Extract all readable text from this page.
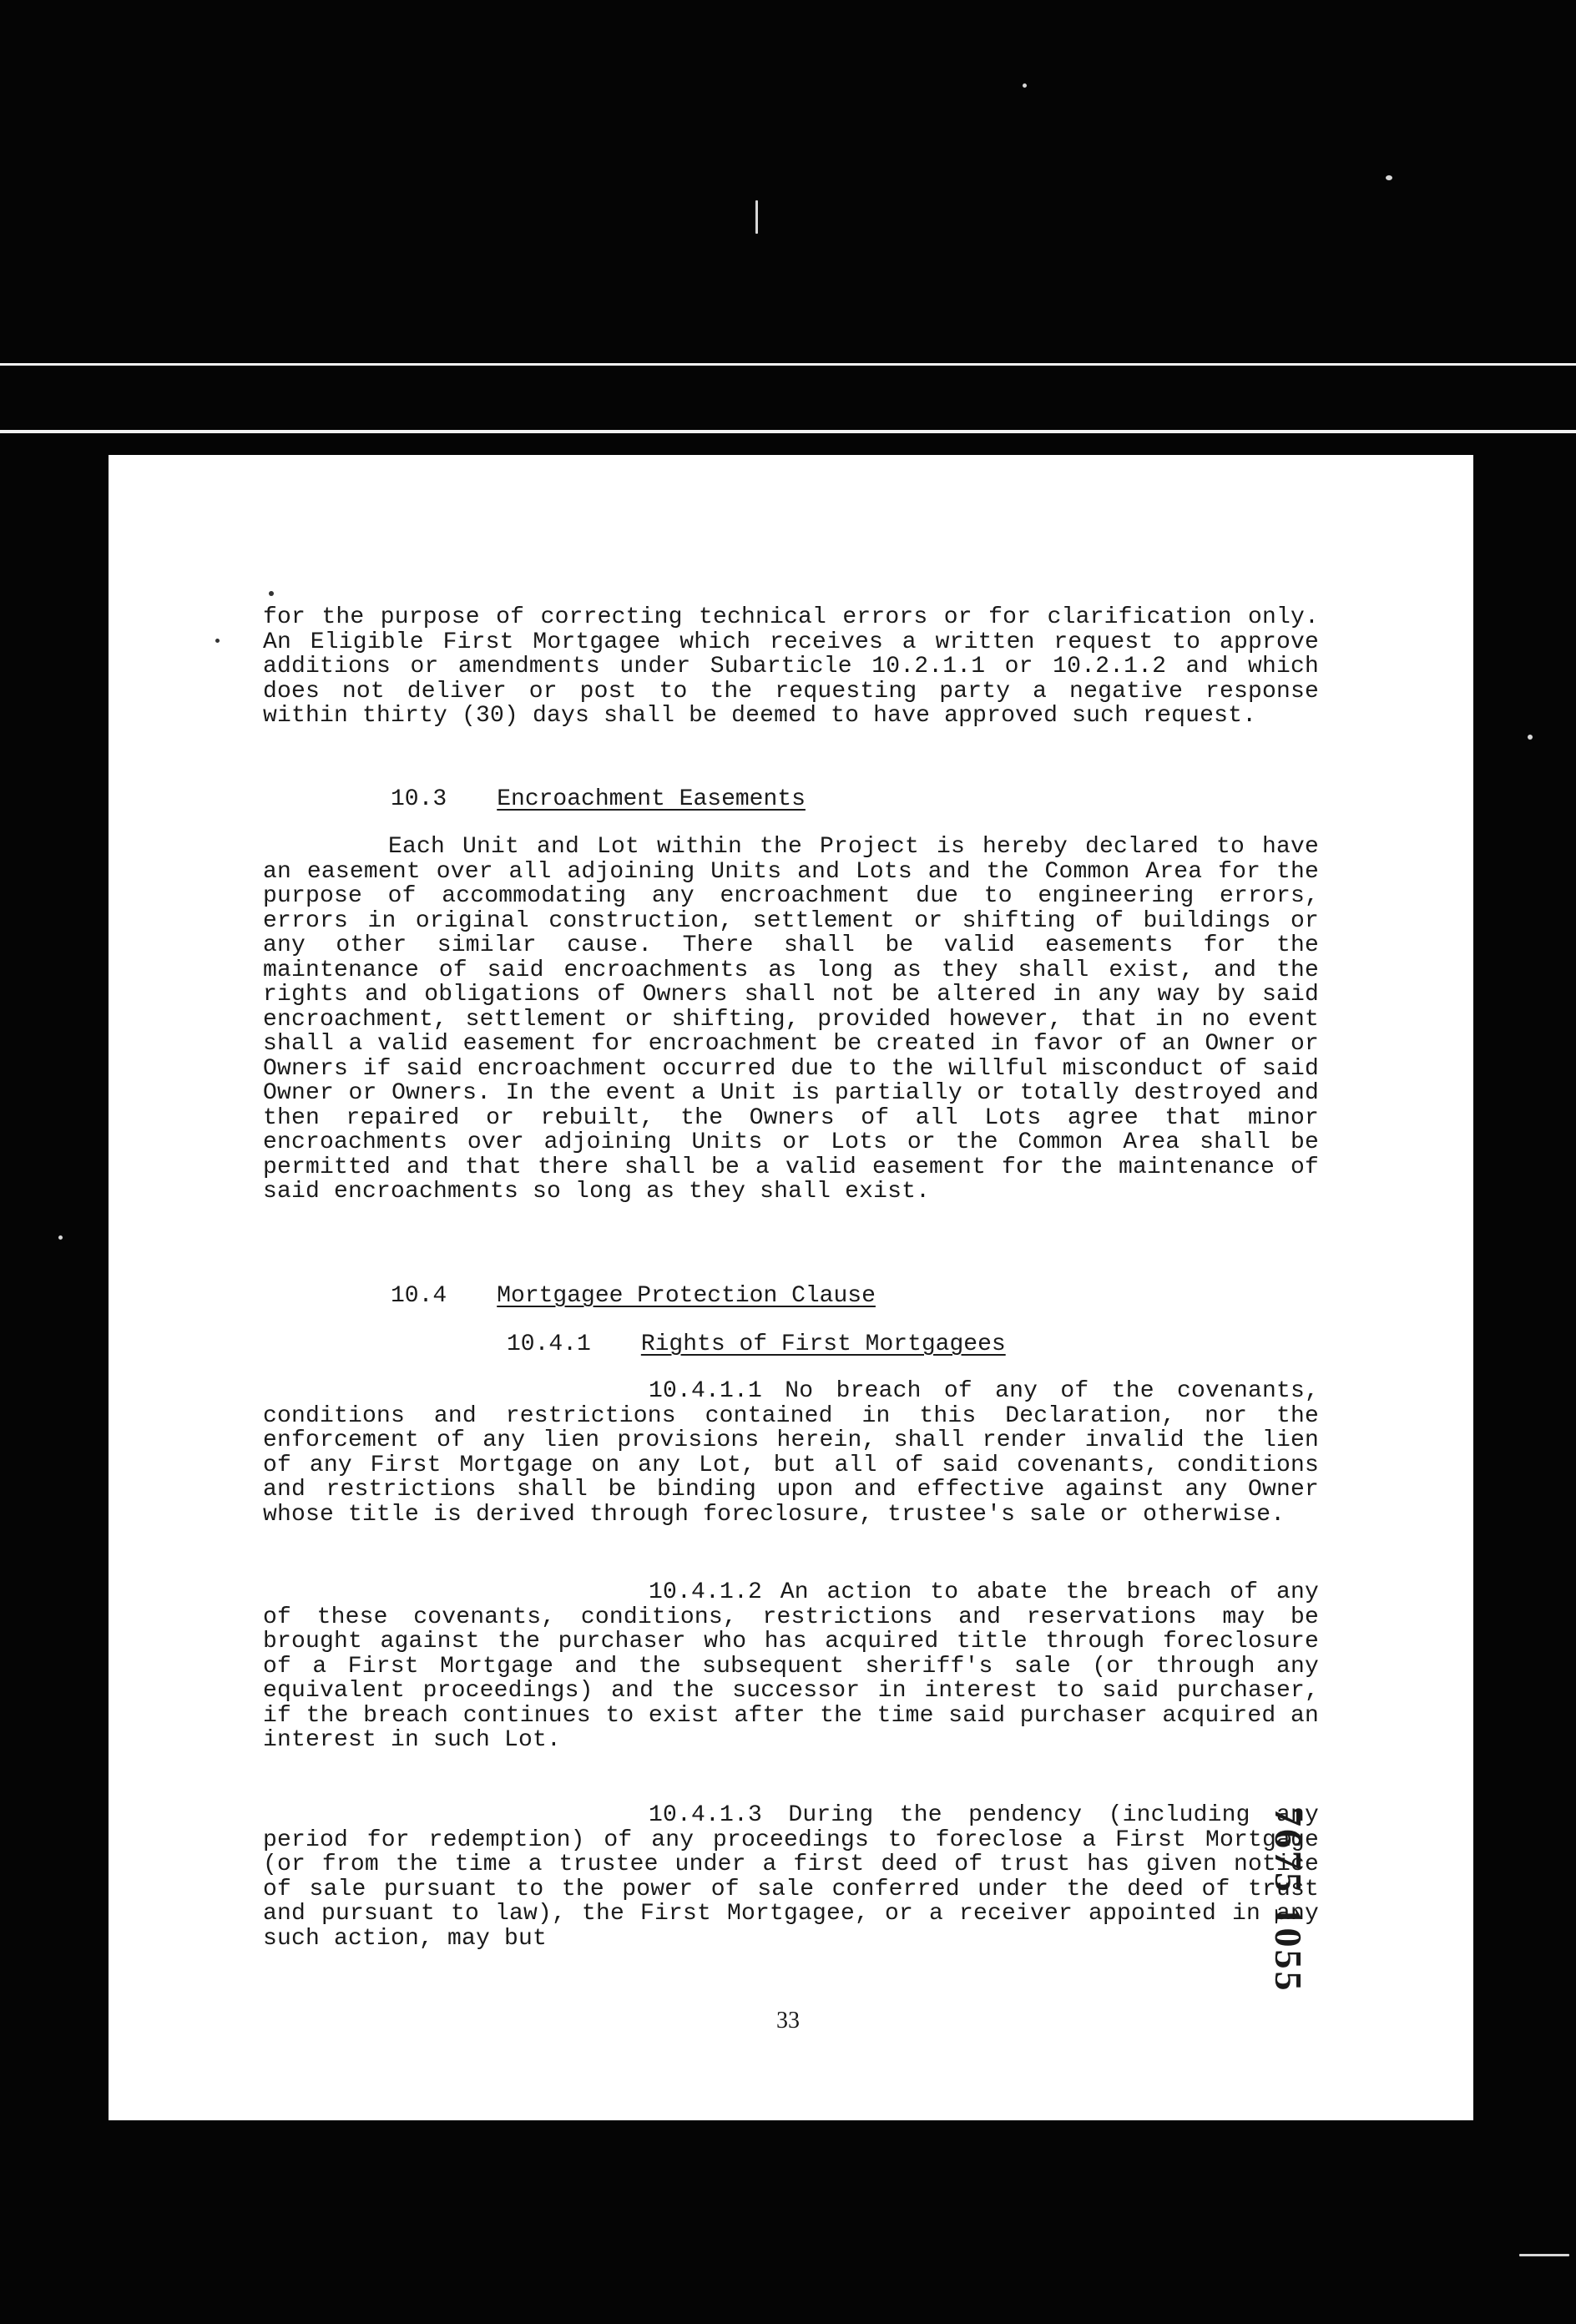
for the purpose of correcting technical errors or for clarification only. An Eligible First Mortgagee which receives a written request to approve additions or amendments under Subarticle 10.2.1.1 or 10.2.1.2 and which does not deliver or post to the requesting party a negative response within thirty (30) days shall be deemed to have approved such request.
10.3 Encroachment Easements
Each Unit and Lot within the Project is hereby declared to have an easement over all adjoining Units and Lots and the Common Area for the purpose of accommodating any encroachment due to engineering errors, errors in original construction, settlement or shifting of buildings or any other similar cause. There shall be valid easements for the maintenance of said encroachments as long as they shall exist, and the rights and obligations of Owners shall not be altered in any way by said encroachment, settlement or shifting, provided however, that in no event shall a valid easement for encroachment be created in favor of an Owner or Owners if said encroachment occurred due to the willful misconduct of said Owner or Owners. In the event a Unit is partially or totally destroyed and then repaired or rebuilt, the Owners of all Lots agree that minor encroachments over adjoining Units or Lots or the Common Area shall be permitted and that there shall be a valid easement for the maintenance of said encroachments so long as they shall exist.
10.4 Mortgagee Protection Clause
10.4.1 Rights of First Mortgagees
10.4.1.1 No breach of any of the covenants, conditions and restrictions contained in this Declaration, nor the enforcement of any lien provisions herein, shall render invalid the lien of any First Mortgage on any Lot, but all of said covenants, conditions and restrictions shall be binding upon and effective against any Owner whose title is derived through foreclosure, trustee's sale or otherwise.
10.4.1.2 An action to abate the breach of any of these covenants, conditions, restrictions and reservations may be brought against the purchaser who has acquired title through foreclosure of a First Mortgage and the subsequent sheriff's sale (or through any equivalent proceedings) and the successor in interest to said purchaser, if the breach continues to exist after the time said purchaser acquired an interest in such Lot.
10.4.1.3 During the pendency (including any period for redemption) of any proceedings to foreclose a First Mortgage (or from the time a trustee under a first deed of trust has given notice of sale pursuant to the power of sale conferred under the deed of trust and pursuant to law), the First Mortgagee, or a receiver appointed in any such action, may but
33
7675 1055
